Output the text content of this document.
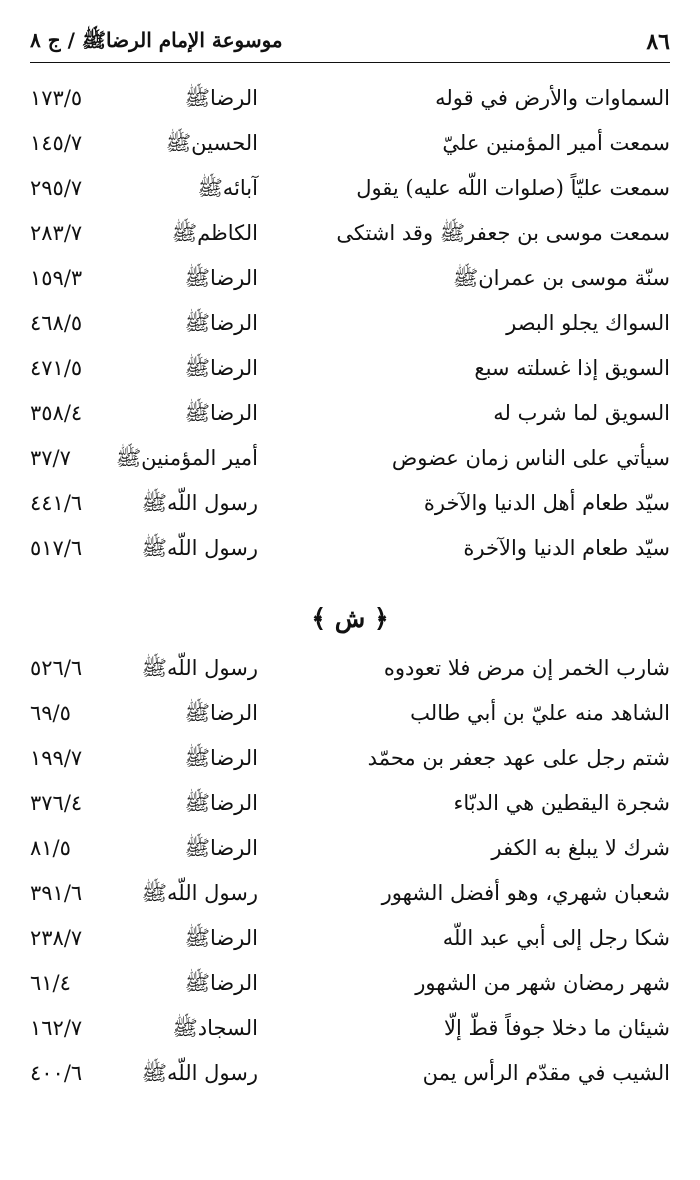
٨٦
موسوعة الإمام الرضاﷺ / ج ٨
السماوات والأرض في قوله
الرضاﷺ
١٧٣/٥
سمعت أمير المؤمنين عليّ
الحسينﷺ
١٤٥/٧
سمعت عليّاً (صلوات اللّه عليه) يقول
آبائهﷺ
٢٩٥/٧
سمعت موسى بن جعفرﷺ وقد اشتكى
الكاظمﷺ
٢٨٣/٧
سنّة موسى بن عمرانﷺ
الرضاﷺ
١٥٩/٣
السواك يجلو البصر
الرضاﷺ
٤٦٨/٥
السويق إذا غسلته سبع
الرضاﷺ
٤٧١/٥
السويق لما شرب له
الرضاﷺ
٣٥٨/٤
سيأتي على الناس زمان عضوض
أمير المؤمنينﷺ
٣٧/٧
سيّد طعام أهل الدنيا والآخرة
رسول اللّهﷺ
٤٤١/٦
سيّد طعام الدنيا والآخرة
رسول اللّهﷺ
٥١٧/٦
﴿ ش ﴾
شارب الخمر إن مرض فلا تعودوه
رسول اللّهﷺ
٥٢٦/٦
الشاهد منه عليّ بن أبي طالب
الرضاﷺ
٦٩/٥
شتم رجل على عهد جعفر بن محمّد
الرضاﷺ
١٩٩/٧
شجرة اليقطين هي الدبّاء
الرضاﷺ
٣٧٦/٤
شرك لا يبلغ به الكفر
الرضاﷺ
٨١/٥
شعبان شهري، وهو أفضل الشهور
رسول اللّهﷺ
٣٩١/٦
شكا رجل إلى أبي عبد اللّه
الرضاﷺ
٢٣٨/٧
شهر رمضان شهر من الشهور
الرضاﷺ
٦١/٤
شيئان ما دخلا جوفاً قطّ إلّا
السجادﷺ
١٦٢/٧
الشيب في مقدّم الرأس يمن
رسول اللّهﷺ
٤٠٠/٦
